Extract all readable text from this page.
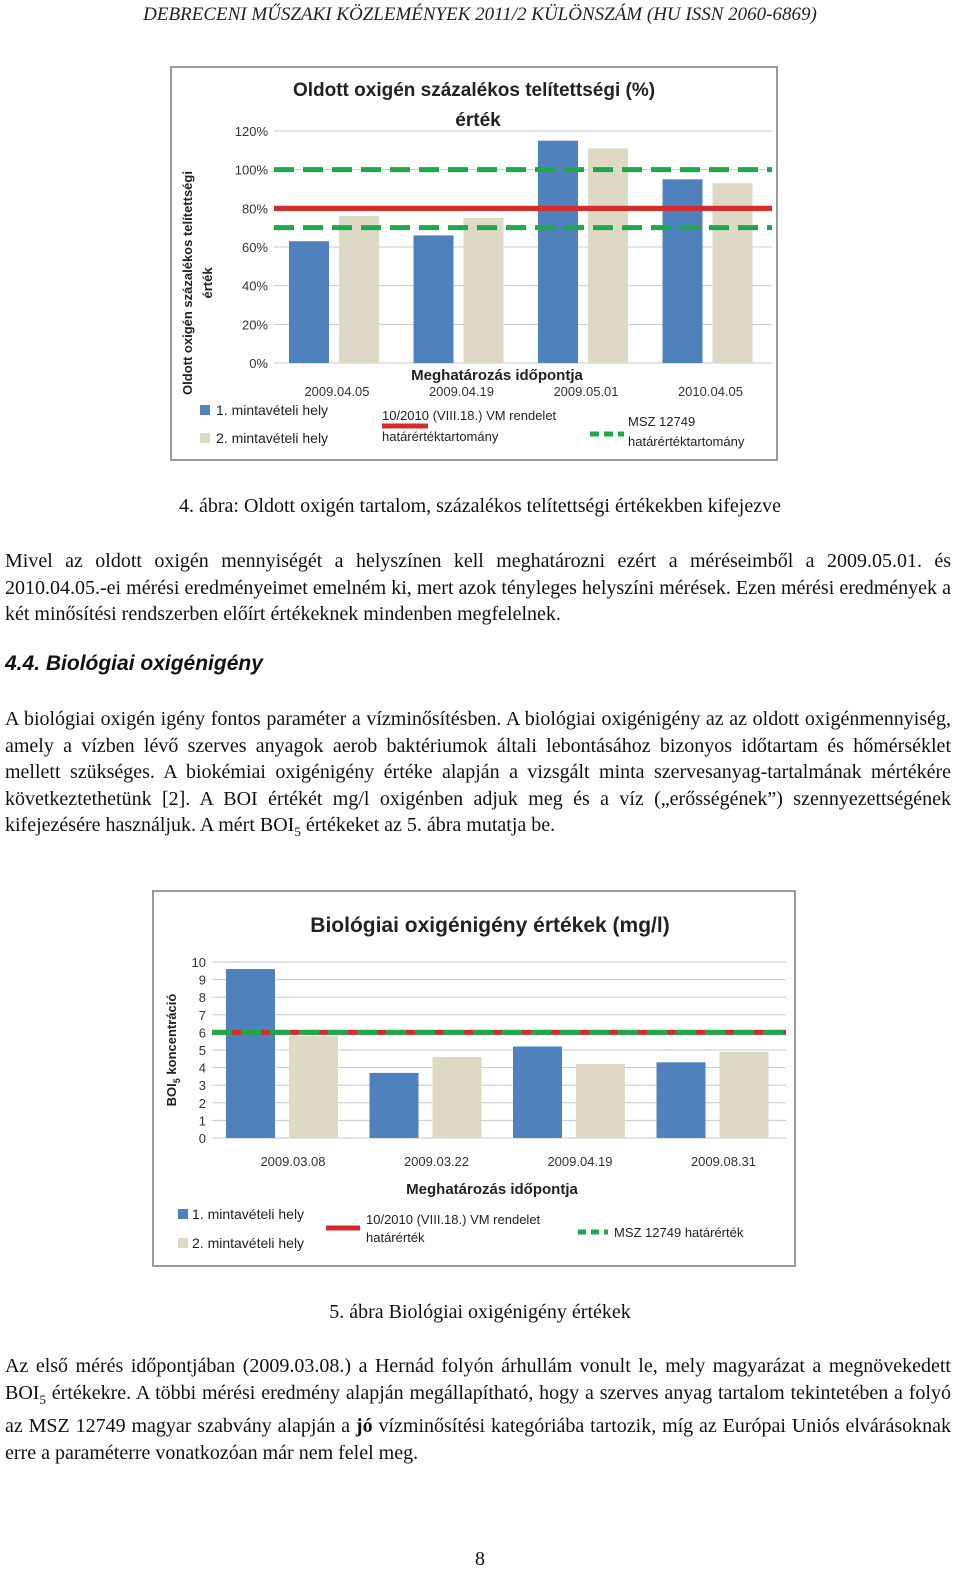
DEBRECENI MŰSZAKI KÖZLEMÉNYEK 2011/2 KÜLÖNSZÁM (HU ISSN 2060-6869)
Oldott oxigén százalékos telítettségi (%)
érték
Oldott oxigén százalékos telítettségi érték
0%
20%
40%
60%
80%
100%
120%
2009.04.05	2009.04.19	2009.05.01	2010.04.05
Meghatározás időpontja
1. mintavételi hely
2. mintavételi hely
10/2010 (VIII.18.) VM rendelet
határértéktartomány
MSZ 12749
határértéktartomány
4. ábra: Oldott oxigén tartalom, százalékos telítettségi értékekben kifejezve
Mivel az oldott oxigén mennyiségét a helyszínen kell meghatározni ezért a méréseimből a 2009.05.01. és 2010.04.05.-ei mérési eredményeimet emelném ki, mert azok tényleges helyszíni mérések. Ezen mérési eredmények a két minősítési rendszerben előírt értékeknek mindenben megfelelnek.
4.4. Biológiai oxigénigény
A biológiai oxigén igény fontos paraméter a vízminősítésben. A biológiai oxigénigény az az oldott oxigénmennyiség, amely a vízben lévő szerves anyagok aerob baktériumok általi lebontásához bizonyos időtartam és hőmérséklet mellett szükséges. A biokémiai oxigénigény értéke alapján a vizsgált minta szervesanyag-tartalmának mértékére következtethetünk [2]. A BOI értékét mg/l oxigénben adjuk meg és a víz („erősségének”) szennyezettségének kifejezésére használjuk. A mért $BOI_5$ értékeket az 5. ábra mutatja be.
Biológiai oxigénigény értékek (mg/l)
$BOI_5$ koncentráció
0
1
2
3
4
5
6
7
8
9
10
2009.03.08	2009.03.22	2009.04.19	2009.08.31
Meghatározás időpontja
1. mintavételi hely
2. mintavételi hely
10/2010 (VIII.18.) VM rendelet
határérték	MSZ 12749 határérték
5. ábra Biológiai oxigénigény értékek
Az első mérés időpontjában (2009.03.08.) a Hernád folyón árhullám vonult le, mely magyarázat a megnövekedett $BOI_5$ értékekre. A többi mérési eredmény alapján megállapítható, hogy a szerves anyag tartalom tekintetében a folyó az MSZ 12749 magyar szabvány alapján a jó vízminősítési kategóriába tartozik, míg az Európai Uniós elvárásoknak erre a paraméterre vonatkozóan már nem felel meg.
8
